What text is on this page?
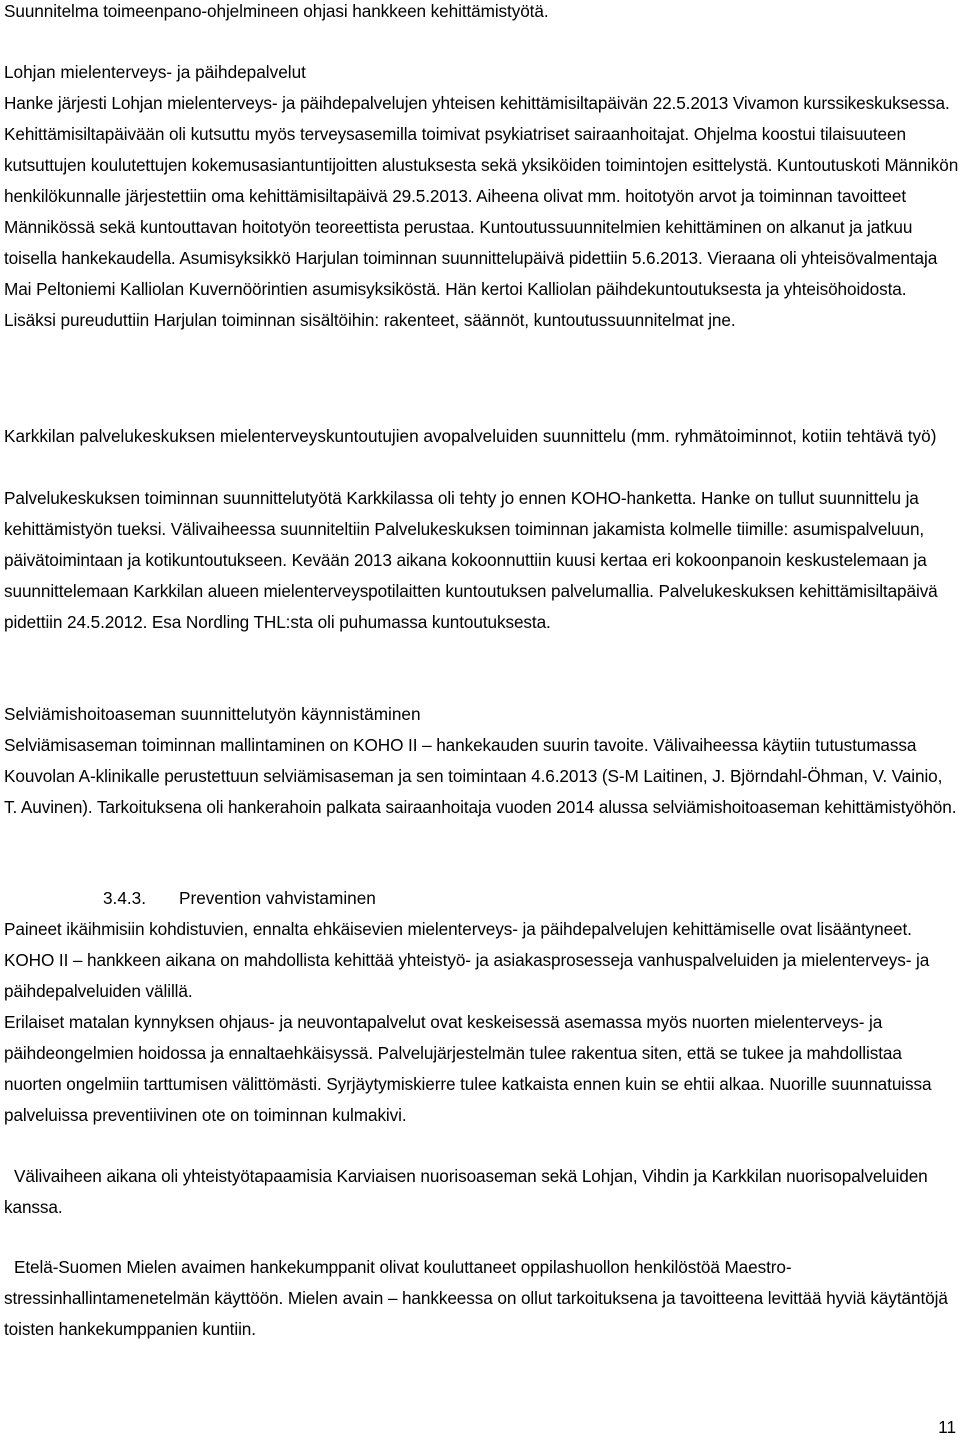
Suunnitelma toimeenpano-ohjelmineen ohjasi hankkeen kehittämistyötä.

Lohjan mielenterveys- ja päihdepalvelut

Hanke järjesti Lohjan mielenterveys- ja päihdepalvelujen yhteisen kehittämisiltapäivän 22.5.2013 Vivamon kurssikeskuksessa. Kehittämisiltapäivään oli kutsuttu myös terveysasemilla toimivat psykiatriset sairaanhoitajat. Ohjelma koostui tilaisuuteen kutsuttujen koulutettujen kokemusasiantuntijoitten alustuksesta sekä yksiköiden toimintojen esittelystä. Kuntoutuskoti Männikön henkilökunnalle järjestettiin oma kehittämisiltapäivä 29.5.2013. Aiheena olivat mm. hoitotyön arvot ja toiminnan tavoitteet Männikössä sekä kuntouttavan hoitotyön teoreettista perustaa. Kuntoutussuunnitelmien kehittäminen on alkanut ja jatkuu toisella hankekaudella. Asumisyksikkö Harjulan toiminnan suunnittelupäivä pidettiin 5.6.2013. Vieraana oli yhteisövalmentaja Mai Peltoniemi Kalliolan Kuvernöörintien asumisyksiköstä. Hän kertoi Kalliolan päihdekuntoutuksesta ja yhteisöhoidosta. Lisäksi pureuduttiin Harjulan toiminnan sisältöihin: rakenteet, säännöt, kuntoutussuunnitelmat jne.

Karkkilan palvelukeskuksen mielenterveyskuntoutujien avopalveluiden suunnittelu (mm. ryhmätoiminnot, kotiin tehtävä työ)

Palvelukeskuksen toiminnan suunnittelutyötä Karkkilassa oli tehty jo ennen KOHO-hanketta. Hanke on tullut suunnittelu ja kehittämistyön tueksi. Välivaiheessa suunniteltiin Palvelukeskuksen toiminnan jakamista kolmelle tiimille: asumispalveluun, päivätoimintaan ja kotikuntoutukseen. Kevään 2013 aikana kokoonnuttiin kuusi kertaa eri kokoonpanoin keskustelemaan ja suunnittelemaan Karkkilan alueen mielenterveyspotilaitten kuntoutuksen palvelumallia. Palvelukeskuksen kehittämisiltapäivä pidettiin 24.5.2012. Esa Nordling THL:sta oli puhumassa kuntoutuksesta.

Selviämishoitoaseman suunnittelutyön käynnistäminen

Selviämisaseman toiminnan mallintaminen on KOHO II – hankekauden suurin tavoite. Välivaiheessa käytiin tutustumassa Kouvolan A-klinikalle perustettuun selviämisaseman ja sen toimintaan 4.6.2013 (S-M Laitinen, J. Björndahl-Öhman, V. Vainio, T. Auvinen). Tarkoituksena oli hankerahoin palkata sairaanhoitaja vuoden 2014 alussa selviämishoitoaseman kehittämistyöhön.

3.4.3. Prevention vahvistaminen

Paineet ikäihmisiin kohdistuvien, ennalta ehkäisevien mielenterveys- ja päihdepalvelujen kehittämiselle ovat lisääntyneet. KOHO II – hankkeen aikana on mahdollista kehittää yhteistyö- ja asiakasprosesseja vanhuspalveluiden ja mielenterveys- ja päihdepalveluiden välillä.

Erilaiset matalan kynnyksen ohjaus- ja neuvontapalvelut ovat keskeisessä asemassa myös nuorten mielenterveys- ja päihdeongelmien hoidossa ja ennaltaehkäisyssä. Palvelujärjestelmän tulee rakentua siten, että se tukee ja mahdollistaa nuorten ongelmiin tarttumisen välittömästi. Syrjäytymiskierre tulee katkaista ennen kuin se ehtii alkaa. Nuorille suunnatuissa palveluissa preventiivinen ote on toiminnan kulmakivi.

Välivaiheen aikana oli yhteistyötapaamisia Karviaisen nuorisoaseman sekä Lohjan, Vihdin ja Karkkilan nuorisopalveluiden kanssa.

Etelä-Suomen Mielen avaimen hankekumppanit olivat kouluttaneet oppilashuollon henkilöstöä Maestro-stressinhallintamenetelmän käyttöön. Mielen avain – hankkeessa on ollut tarkoituksena ja tavoitteena levittää hyviä käytäntöjä toisten hankekumppanien kuntiin.

11
